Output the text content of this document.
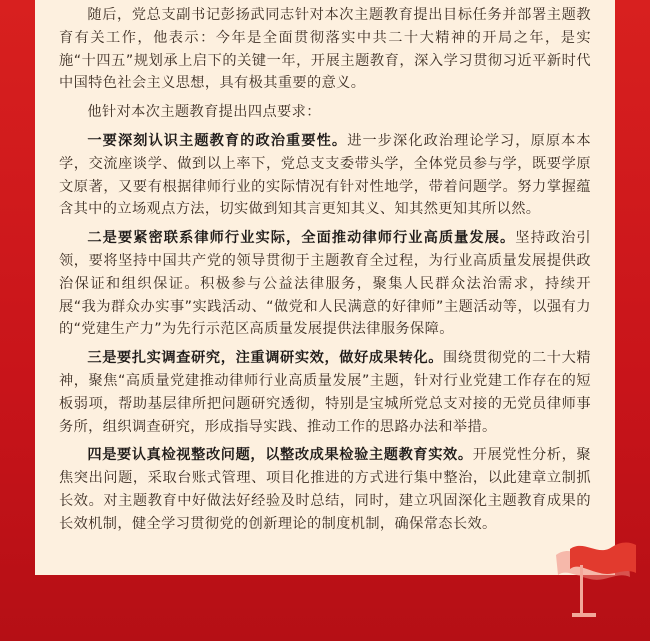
随后，党总支副书记彭扬武同志针对本次主题教育提出目标任务并部署主题教育有关工作，他表示：今年是全面贯彻落实中共二十大精神的开局之年，是实施“十四五”规划承上启下的关键一年，开展主题教育，深入学习贯彻习近平新时代中国特色社会主义思想，具有极其重要的意义。

他针对本次主题教育提出四点要求：

一要深刻认识主题教育的政治重要性。进一步深化政治理论学习，原原本本学，交流座谈学、做到以上率下，党总支支委带头学，全体党员参与学，既要学原文原著，又要有根据律师行业的实际情况有针对性地学，带着问题学。努力掌握蕴含其中的立场观点方法，切实做到知其言更知其义、知其然更知其所以然。

二是要紧密联系律师行业实际，全面推动律师行业高质量发展。坚持政治引领，要将坚持中国共产党的领导贯彻于主题教育全过程，为行业高质量发展提供政治保证和组织保证。积极参与公益法律服务，聚集人民群众法治需求，持续开展“我为群众办实事”实践活动、“做党和人民满意的好律师”主题活动等，以强有力的“党建生产力”为先行示范区高质量发展提供法律服务保障。

三是要扎实调查研究，注重调研实效，做好成果转化。围绕贯彻党的二十大精神，聚焦“高质量党建推动律师行业高质量发展”主题，针对行业党建工作存在的短板弱项，帮助基层律所把问题研究透彻，特别是宝城所党总支对接的无党员律师事务所，组织调查研究，形成指导实践、推动工作的思路办法和举措。

四是要认真检视整改问题，以整改成果检验主题教育实效。开展党性分析，聚焦突出问题，采取台账式管理、项目化推进的方式进行集中整治，以此建章立制抓长效。对主题教育中好做法好经验及时总结，同时，建立巩固深化主题教育成果的长效机制，健全学习贯彻党的创新理论的制度机制，确保常态长效。
